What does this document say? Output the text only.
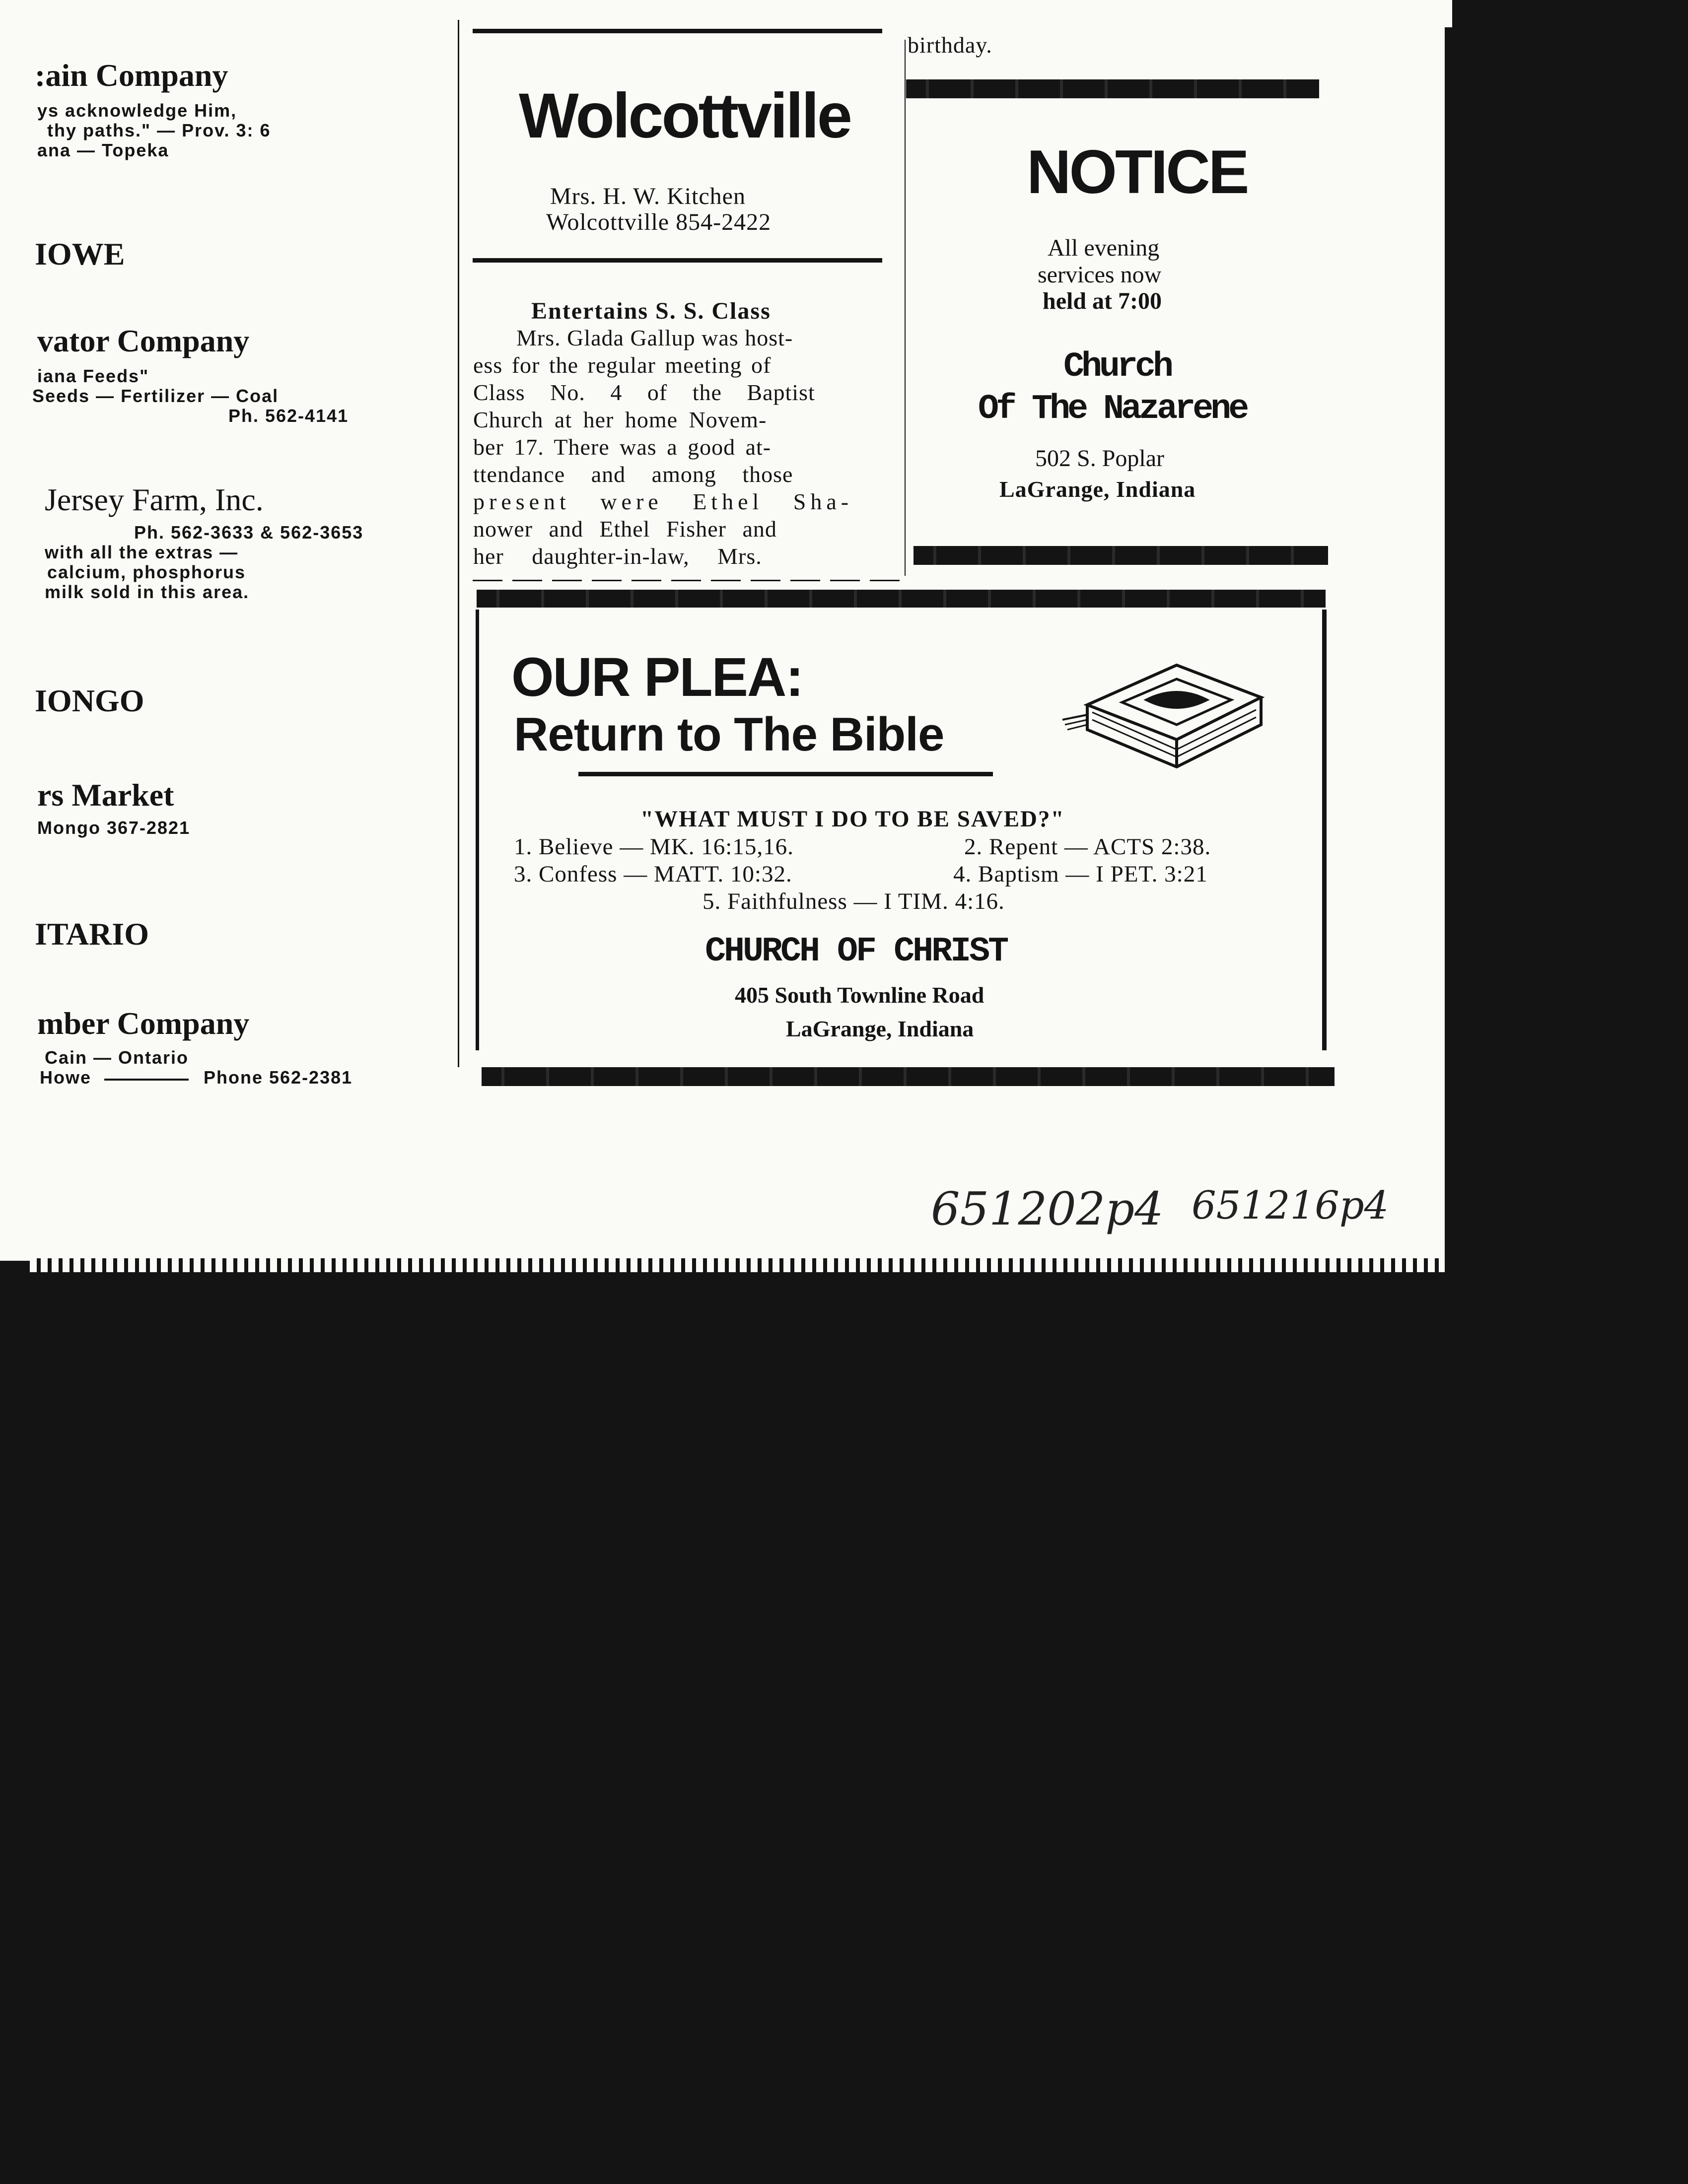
:ain Company
ys acknowledge Him,
thy paths." — Prov. 3: 6
ana — Topeka
IOWE
vator Company
iana Feeds"
Seeds — Fertilizer — Coal
Ph. 562-4141
Jersey Farm, Inc.
Ph. 562-3633 & 562-3653
with all the extras —
calcium, phosphorus
milk sold in this area.
IONGO
rs Market
Mongo 367-2821
ITARIO
mber Company
Cain — Ontario
Howe	Phone 562-2381
Wolcottville
Mrs. H. W. Kitchen
Wolcottville 854-2422
Entertains S. S. Class
Mrs. Glada Gallup was host-
ess for the regular meeting of
Class No. 4 of the Baptist
Church at her home Novem-
ber 17. There was a good at-
ttendance and among those
present were Ethel Sha-
nower and Ethel Fisher and
her daughter-in-law, Mrs.
birthday.
NOTICE
All evening
services now
held at 7:00
Church
Of The Nazarene
502 S. Poplar
LaGrange, Indiana
OUR PLEA:
Return to The Bible
"WHAT MUST I DO TO BE SAVED?"
1. Believe — MK. 16:15,16.	2. Repent — ACTS 2:38.
3. Confess — MATT. 10:32.	4. Baptism — I PET. 3:21
5. Faithfulness — I TIM. 4:16.
CHURCH OF CHRIST
405 South Townline Road
LaGrange, Indiana
651202p4 651216p4
